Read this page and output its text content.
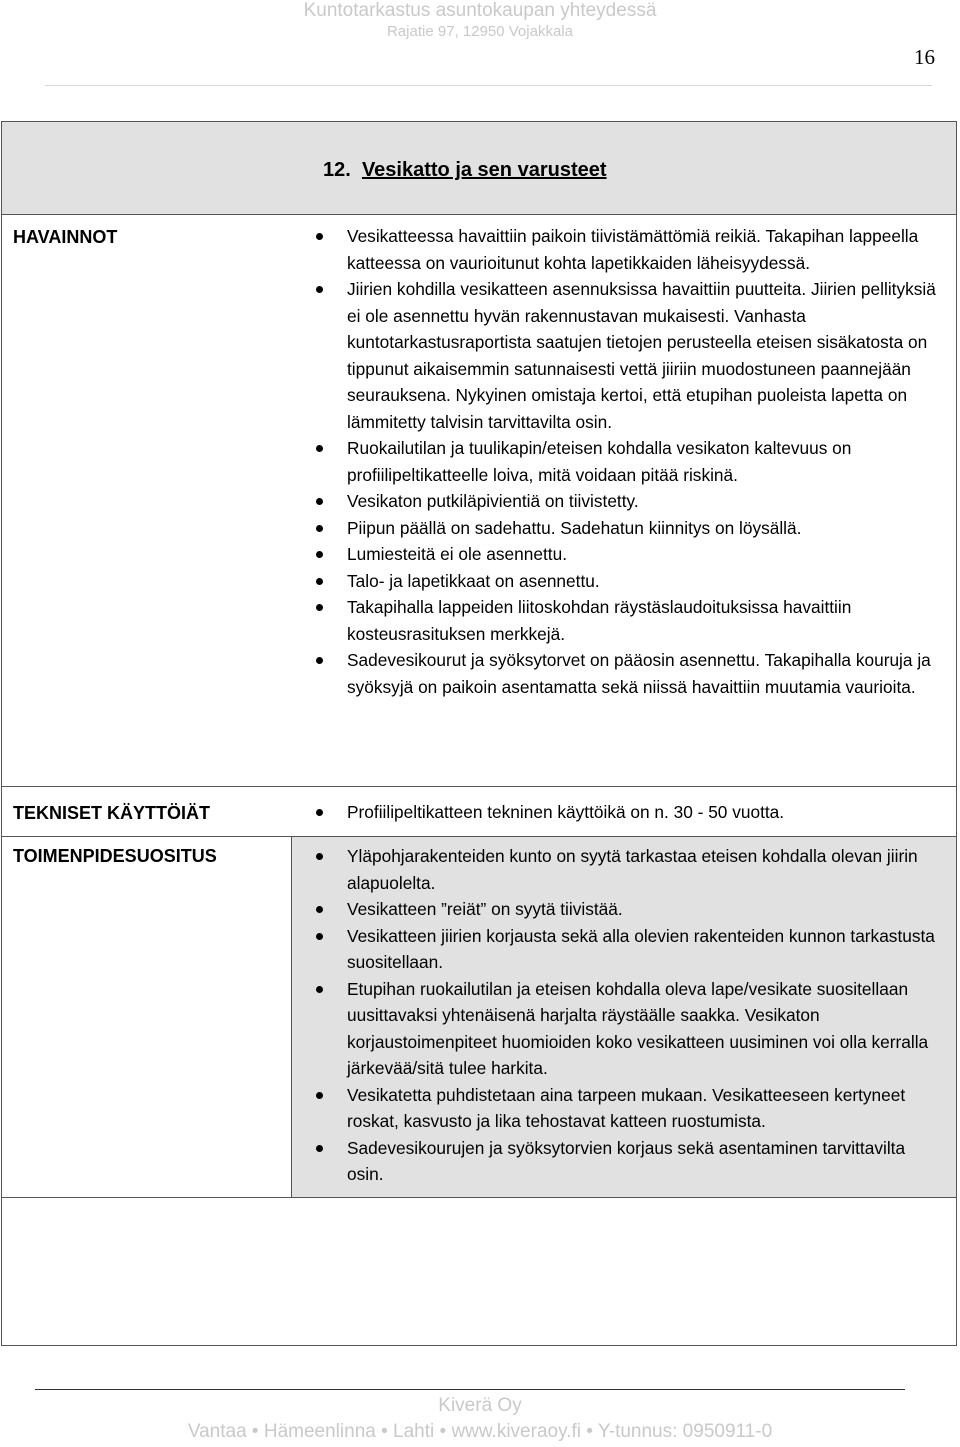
Kuntotarkastus asuntokaupan yhteydessä
Rajatie 97, 12950 Vojakkala
16
12. Vesikatto ja sen varusteet
HAVAINNOT	Vesikatteessa havaittiin paikoin tiivistämättömiä reikiä. Takapihan lappeella katteessa on vaurioitunut kohta lapetikkaiden läheisyydessä.
Jiirien kohdilla vesikatteen asennuksissa havaittiin puutteita. Jiirien pellityksiä ei ole asennettu hyvän rakennustavan mukaisesti. Vanhasta kuntotarkastusraportista saatujen tietojen perusteella eteisen sisäkatosta on tippunut aikaisemmin satunnaisesti vettä jiiriin muodostuneen paannejään seurauksena. Nykyinen omistaja kertoi, että etupihan puoleista lapetta on lämmitetty talvisin tarvittavilta osin.
Ruokailutilan ja tuulikapin/eteisen kohdalla vesikaton kaltevuus on profiilipeltikatteelle loiva, mitä voidaan pitää riskinä.
Vesikaton putkiläpivientiä on tiivistetty.
Piipun päällä on sadehattu. Sadehatun kiinnitys on löysällä.
Lumiesteitä ei ole asennettu.
Talo- ja lapetikkaat on asennettu.
Takapihalla lappeiden liitoskohdan räystäslaudoituksissa havaittiin kosteusrasituksen merkkejä.
Sadevesikourut ja syöksytorvet on pääosin asennettu. Takapihalla kouruja ja syöksyjä on paikoin asentamatta sekä niissä havaittiin muutamia vaurioita.
TEKNISET KÄYTTÖIÄT	Profiilipeltikatteen tekninen käyttöikä on n. 30 - 50 vuotta.
TOIMENPIDESUOSITUS	Yläpohjarakenteiden kunto on syytä tarkastaa eteisen kohdalla olevan jiirin alapuolelta.
Vesikatteen ”reiät” on syytä tiivistää.
Vesikatteen jiirien korjausta sekä alla olevien rakenteiden kunnon tarkastusta suositellaan.
Etupihan ruokailutilan ja eteisen kohdalla oleva lape/vesikate suositellaan uusittavaksi yhtenäisenä harjalta räystäälle saakka. Vesikaton korjaustoimenpiteet huomioiden koko vesikatteen uusiminen voi olla kerralla järkevää/sitä tulee harkita.
Vesikatetta puhdistetaan aina tarpeen mukaan. Vesikatteeseen kertyneet roskat, kasvusto ja lika tehostavat katteen ruostumista.
Sadevesikourujen ja syöksytorvien korjaus sekä asentaminen tarvittavilta osin.
Kiverä Oy
Vantaa • Hämeenlinna • Lahti • www.kiveraoy.fi • Y-tunnus: 0950911-0
